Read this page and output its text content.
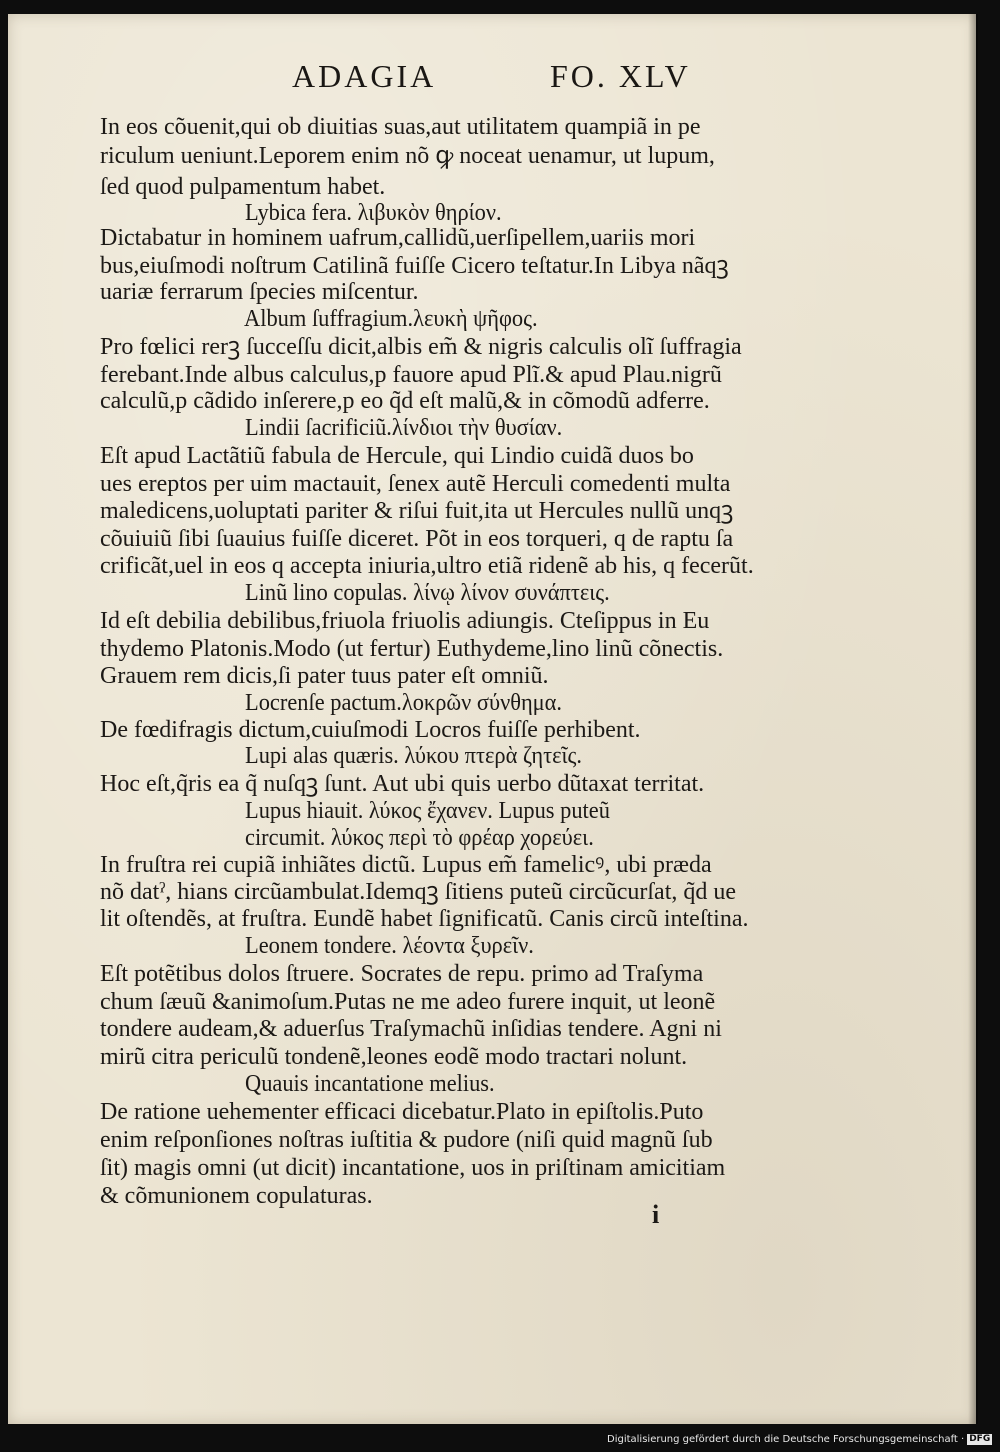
ADAGIA	FO. XLV
In eos cõuenit,qui ob diuitias suas,aut utilitatem quampiã in pe
riculum ueniunt.Leporem enim nõ ꝙ noceat uenamur, ut lupum,
ſed quod pulpamentum habet.
Lybica fera. λιβυκὸν θηρίον.
Dictabatur in hominem uafrum,callidũ,uerſipellem,uariis mori
bus,eiuſmodi noſtrum Catilinã fuiſſe Cicero teſtatur.In Libya nãqꝫ
uariæ ferrarum ſpecies miſcentur.
Album ſuffragium.λευκὴ ψῆφος.
Pro fœlici rerꝫ ſucceſſu dicit,albis em̃ & nigris calculis olĩ ſuffragia
ferebant.Inde albus calculus,p fauore apud Plĩ.& apud Plau.nigrũ
calculũ,p cãdido inſerere,p eo q̃d eſt malũ,& in cõmodũ adferre.
Lindii ſacrificiũ.λίνδιοι τὴν θυσίαν.
Eſt apud Lactãtiũ fabula de Hercule, qui Lindio cuidã duos bo
ues ereptos per uim mactauit, ſenex autẽ Herculi comedenti multa
maledicens,uoluptati pariter & riſui fuit,ita ut Hercules nullũ unqꝫ
cõuiuiũ ſibi ſuauius fuiſſe diceret. Põt in eos torqueri, q de raptu ſa
crificãt,uel in eos q accepta iniuria,ultro etiã ridenẽ ab his, q fecerũt.
Linũ lino copulas. λίνῳ λίνον συνάπτεις.
Id eſt debilia debilibus,friuola friuolis adiungis. Cteſippus in Eu
thydemo Platonis.Modo (ut fertur) Euthydeme,lino linũ cõnectis.
Grauem rem dicis,ſi pater tuus pater eſt omniũ.
Locrenſe pactum.λοκρῶν σύνθημα.
De fœdifragis dictum,cuiuſmodi Locros fuiſſe perhibent.
Lupi alas quæris. λύκου πτερὰ ζητεῖς.
Hoc eſt,q̃ris ea q̃ nuſqꝫ ſunt. Aut ubi quis uerbo dũtaxat territat.
Lupus hiauit. λύκος ἔχανεν. Lupus puteũ
circumit. λύκος περὶ τὸ φρέαρ χορεύει.
In fruſtra rei cupiã inhiãtes dictũ. Lupus em̃ famelicꝰ, ubi præda
nõ datˀ, hians circũambulat.Idemqꝫ ſitiens puteũ circũcurſat, q̃d ue
lit oſtendẽs, at fruſtra. Eundẽ habet ſignificatũ. Canis circũ inteſtina.
Leonem tondere. λέοντα ξυρεῖν.
Eſt potẽtibus dolos ſtruere. Socrates de repu. primo ad Traſyma
chum ſæuũ &animoſum.Putas ne me adeo furere inquit, ut leonẽ
tondere audeam,& aduerſus Traſymachũ inſidias tendere. Agni ni
mirũ citra periculũ tondenẽ,leones eodẽ modo tractari nolunt.
Quauis incantatione melius.
De ratione uehementer efficaci dicebatur.Plato in epiſtolis.Puto
enim reſponſiones noſtras iuſtitia & pudore (niſi quid magnũ ſub
ſit) magis omni (ut dicit) incantatione, uos in priſtinam amicitiam
& cõmunionem copulaturas.
i
Digitalisierung gefördert durch die Deutsche Forschungsgemeinschaft · DFG
